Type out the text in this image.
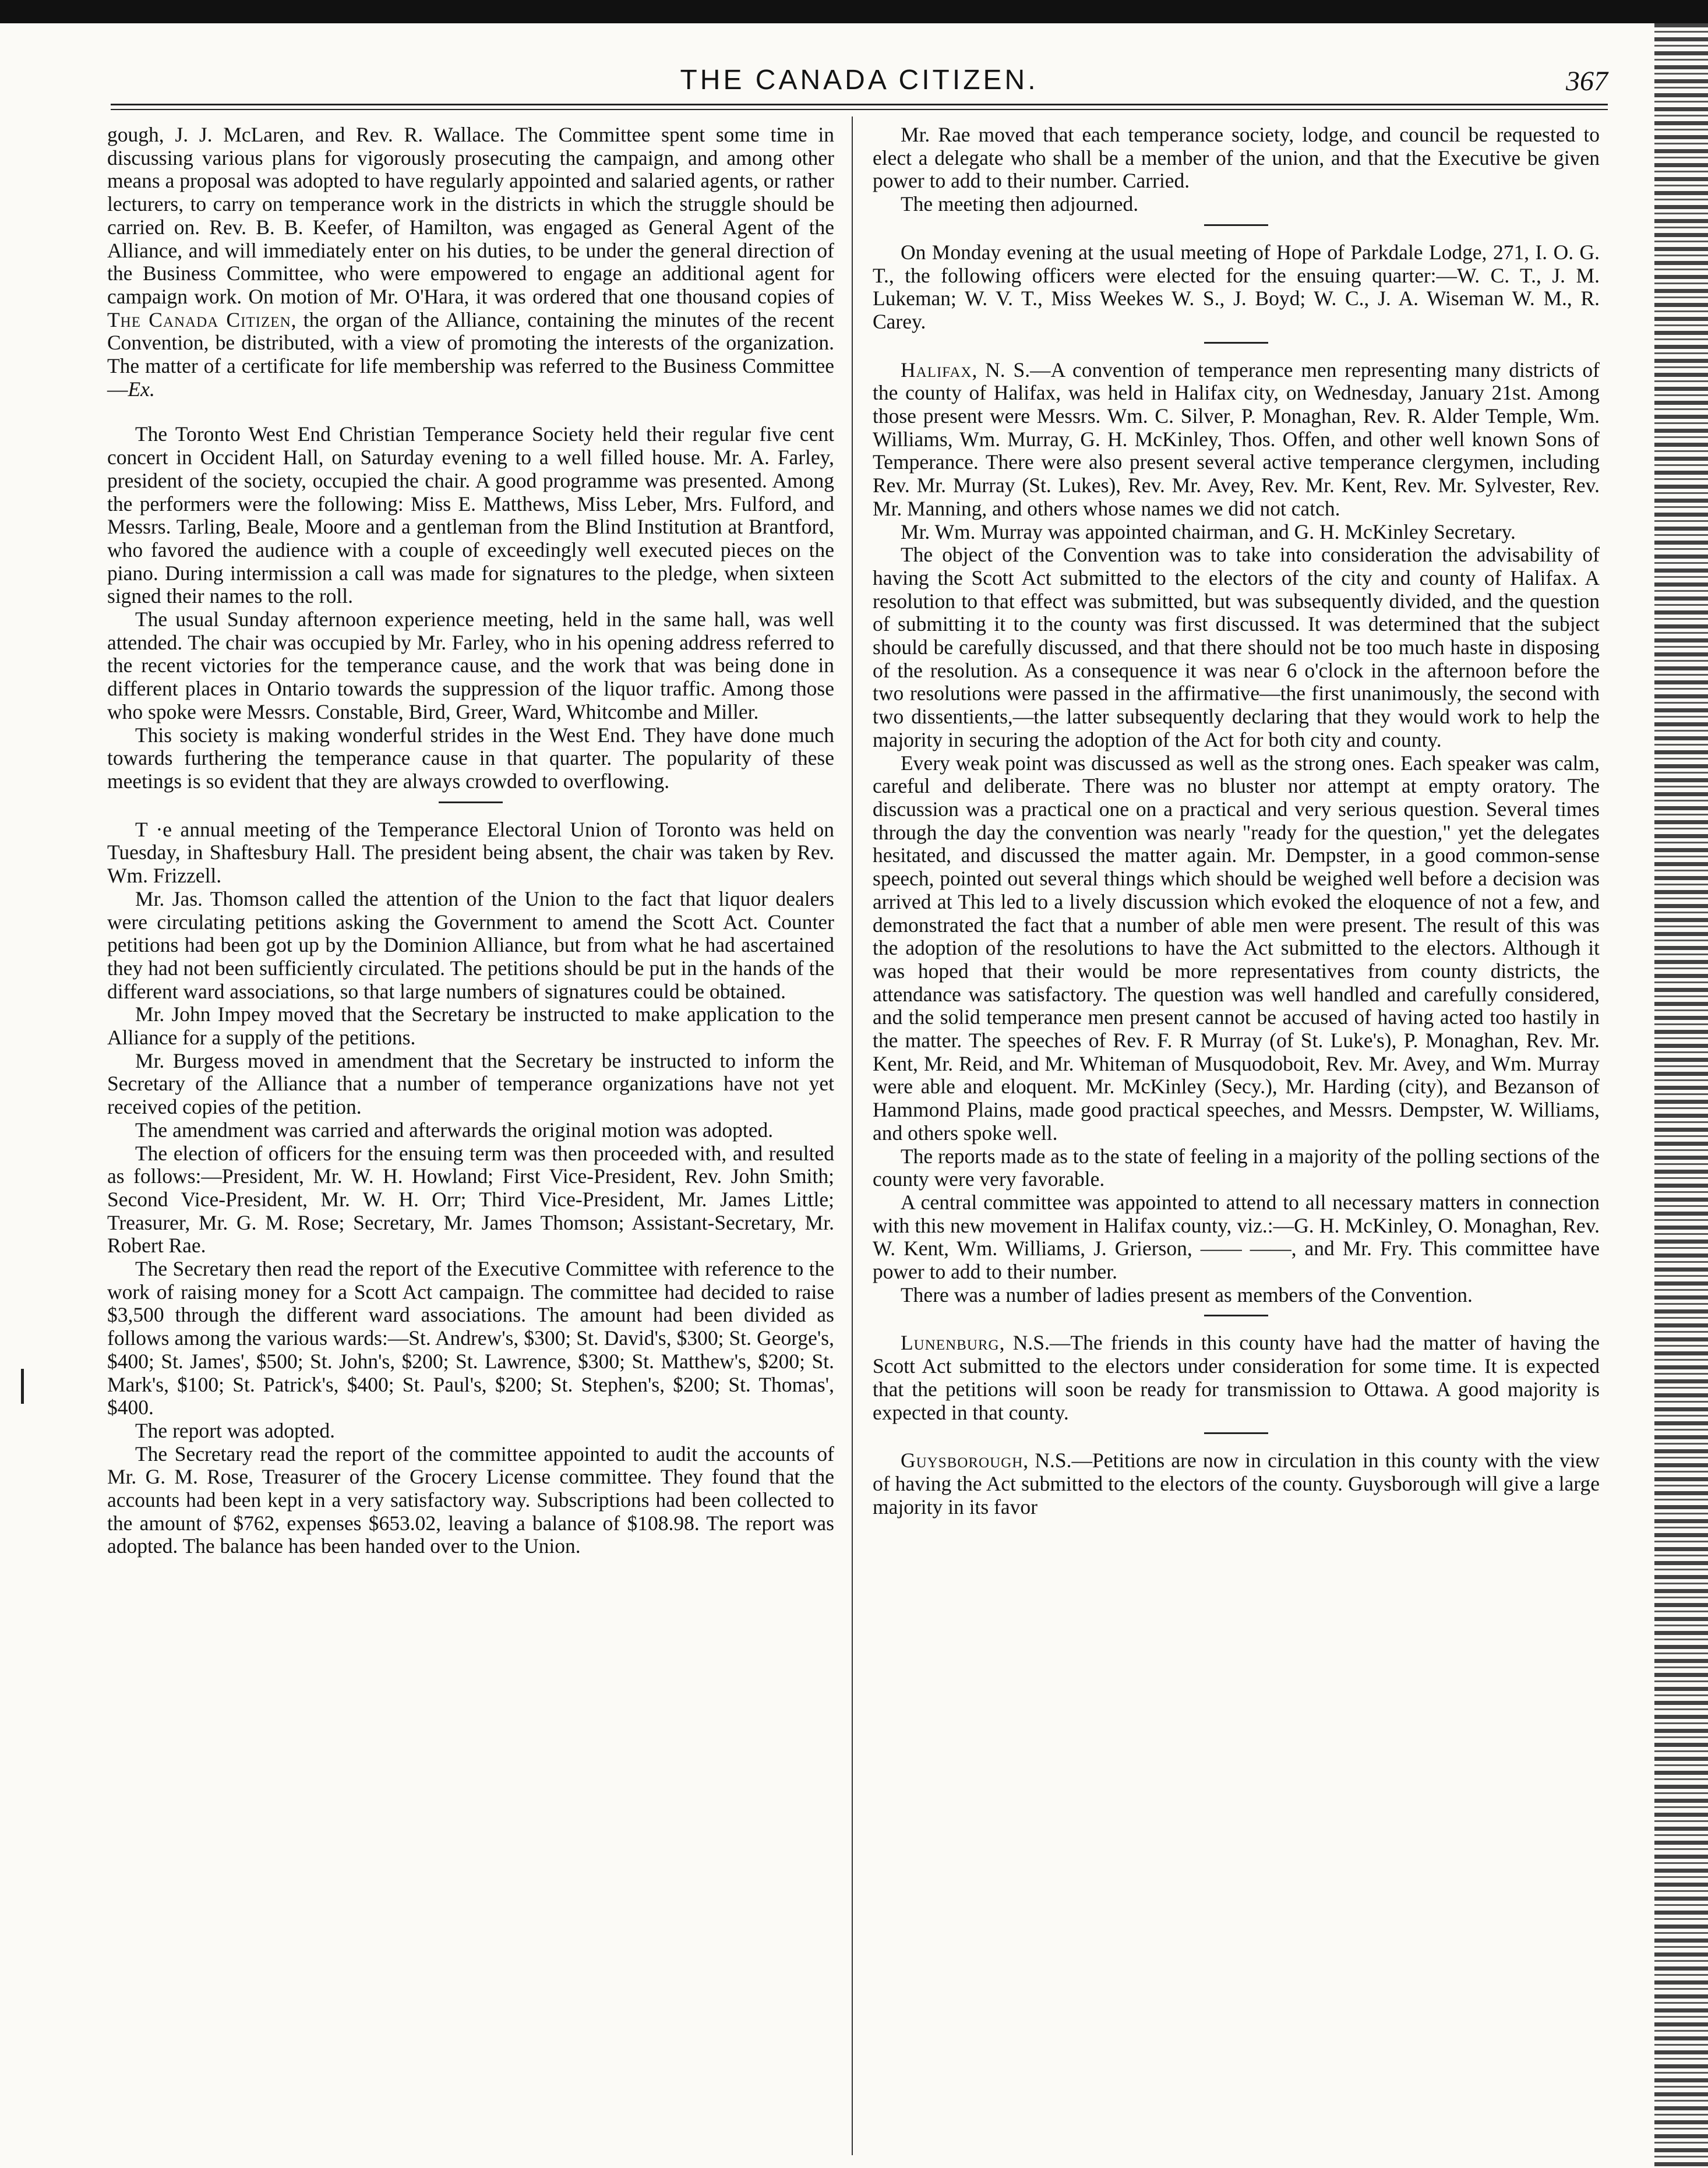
THE CANADA CITIZEN.	367

gough, J. J. McLaren, and Rev. R. Wallace. The Committee spent some time in discussing various plans for vigorously prosecuting the campaign, and among other means a proposal was adopted to have regularly appointed and salaried agents, or rather lecturers, to carry on temperance work in the districts in which the struggle should be carried on. Rev. B. B. Keefer, of Hamilton, was engaged as General Agent of the Alliance, and will immediately enter on his duties, to be under the general direction of the Business Committee, who were empowered to engage an additional agent for campaign work. On motion of Mr. O'Hara, it was ordered that one thousand copies of The Canada Citizen, the organ of the Alliance, containing the minutes of the recent Convention, be distributed, with a view of promoting the interests of the organization. The matter of a certificate for life membership was referred to the Business Committee—Ex.

The Toronto West End Christian Temperance Society held their regular five cent concert in Occident Hall, on Saturday evening to a well filled house. Mr. A. Farley, president of the society, occupied the chair. A good programme was presented. Among the performers were the following: Miss E. Matthews, Miss Leber, Mrs. Fulford, and Messrs. Tarling, Beale, Moore and a gentleman from the Blind Institution at Brantford, who favored the audience with a couple of exceedingly well executed pieces on the piano. During intermission a call was made for signatures to the pledge, when sixteen signed their names to the roll.

The usual Sunday afternoon experience meeting, held in the same hall, was well attended. The chair was occupied by Mr. Farley, who in his opening address referred to the recent victories for the temperance cause, and the work that was being done in different places in Ontario towards the suppression of the liquor traffic. Among those who spoke were Messrs. Constable, Bird, Greer, Ward, Whitcombe and Miller.

This society is making wonderful strides in the West End. They have done much towards furthering the temperance cause in that quarter. The popularity of these meetings is so evident that they are always crowded to overflowing.

T ·e annual meeting of the Temperance Electoral Union of Toronto was held on Tuesday, in Shaftesbury Hall. The president being absent, the chair was taken by Rev. Wm. Frizzell.

Mr. Jas. Thomson called the attention of the Union to the fact that liquor dealers were circulating petitions asking the Government to amend the Scott Act. Counter petitions had been got up by the Dominion Alliance, but from what he had ascertained they had not been sufficiently circulated. The petitions should be put in the hands of the different ward associations, so that large numbers of signatures could be obtained.

Mr. John Impey moved that the Secretary be instructed to make application to the Alliance for a supply of the petitions.

Mr. Burgess moved in amendment that the Secretary be instructed to inform the Secretary of the Alliance that a number of temperance organizations have not yet received copies of the petition.

The amendment was carried and afterwards the original motion was adopted.

The election of officers for the ensuing term was then proceeded with, and resulted as follows:—President, Mr. W. H. Howland; First Vice-President, Rev. John Smith; Second Vice-President, Mr. W. H. Orr; Third Vice-President, Mr. James Little; Treasurer, Mr. G. M. Rose; Secretary, Mr. James Thomson; Assistant-Secretary, Mr. Robert Rae.

The Secretary then read the report of the Executive Committee with reference to the work of raising money for a Scott Act campaign. The committee had decided to raise $3,500 through the different ward associations. The amount had been divided as follows among the various wards:—St. Andrew's, $300; St. David's, $300; St. George's, $400; St. James', $500; St. John's, $200; St. Lawrence, $300; St. Matthew's, $200; St. Mark's, $100; St. Patrick's, $400; St. Paul's, $200; St. Stephen's, $200; St. Thomas', $400.

The report was adopted.

The Secretary read the report of the committee appointed to audit the accounts of Mr. G. M. Rose, Treasurer of the Grocery License committee. They found that the accounts had been kept in a very satisfactory way. Subscriptions had been collected to the amount of $762, expenses $653.02, leaving a balance of $108.98. The report was adopted. The balance has been handed over to the Union.

Mr. Rae moved that each temperance society, lodge, and council be requested to elect a delegate who shall be a member of the union, and that the Executive be given power to add to their number. Carried.

The meeting then adjourned.

On Monday evening at the usual meeting of Hope of Parkdale Lodge, 271, I. O. G. T., the following officers were elected for the ensuing quarter:—W. C. T., J. M. Lukeman; W. V. T., Miss Weekes W. S., J. Boyd; W. C., J. A. Wiseman W. M., R. Carey.

Halifax, N. S.—A convention of temperance men representing many districts of the county of Halifax, was held in Halifax city, on Wednesday, January 21st. Among those present were Messrs. Wm. C. Silver, P. Monaghan, Rev. R. Alder Temple, Wm. Williams, Wm. Murray, G. H. McKinley, Thos. Offen, and other well known Sons of Temperance. There were also present several active temperance clergymen, including Rev. Mr. Murray (St. Lukes), Rev. Mr. Avey, Rev. Mr. Kent, Rev. Mr. Sylvester, Rev. Mr. Manning, and others whose names we did not catch.

Mr. Wm. Murray was appointed chairman, and G. H. McKinley Secretary.

The object of the Convention was to take into consideration the advisability of having the Scott Act submitted to the electors of the city and county of Halifax. A resolution to that effect was submitted, but was subsequently divided, and the question of submitting it to the county was first discussed. It was determined that the subject should be carefully discussed, and that there should not be too much haste in disposing of the resolution. As a consequence it was near 6 o'clock in the afternoon before the two resolutions were passed in the affirmative—the first unanimously, the second with two dissentients,—the latter subsequently declaring that they would work to help the majority in securing the adoption of the Act for both city and county.

Every weak point was discussed as well as the strong ones. Each speaker was calm, careful and deliberate. There was no bluster nor attempt at empty oratory. The discussion was a practical one on a practical and very serious question. Several times through the day the convention was nearly "ready for the question," yet the delegates hesitated, and discussed the matter again. Mr. Dempster, in a good common-sense speech, pointed out several things which should be weighed well before a decision was arrived at This led to a lively discussion which evoked the eloquence of not a few, and demonstrated the fact that a number of able men were present. The result of this was the adoption of the resolutions to have the Act submitted to the electors. Although it was hoped that their would be more representatives from county districts, the attendance was satisfactory. The question was well handled and carefully considered, and the solid temperance men present cannot be accused of having acted too hastily in the matter. The speeches of Rev. F. R Murray (of St. Luke's), P. Monaghan, Rev. Mr. Kent, Mr. Reid, and Mr. Whiteman of Musquodoboit, Rev. Mr. Avey, and Wm. Murray were able and eloquent. Mr. McKinley (Secy.), Mr. Harding (city), and Bezanson of Hammond Plains, made good practical speeches, and Messrs. Dempster, W. Williams, and others spoke well.

The reports made as to the state of feeling in a majority of the polling sections of the county were very favorable.

A central committee was appointed to attend to all necessary matters in connection with this new movement in Halifax county, viz.:—G. H. McKinley, O. Monaghan, Rev. W. Kent, Wm. Williams, J. Grierson, —— ——, and Mr. Fry. This committee have power to add to their number.

There was a number of ladies present as members of the Convention.

Lunenburg, N.S.—The friends in this county have had the matter of having the Scott Act submitted to the electors under consideration for some time. It is expected that the petitions will soon be ready for transmission to Ottawa. A good majority is expected in that county.

Guysborough, N.S.—Petitions are now in circulation in this county with the view of having the Act submitted to the electors of the county. Guysborough will give a large majority in its favor
